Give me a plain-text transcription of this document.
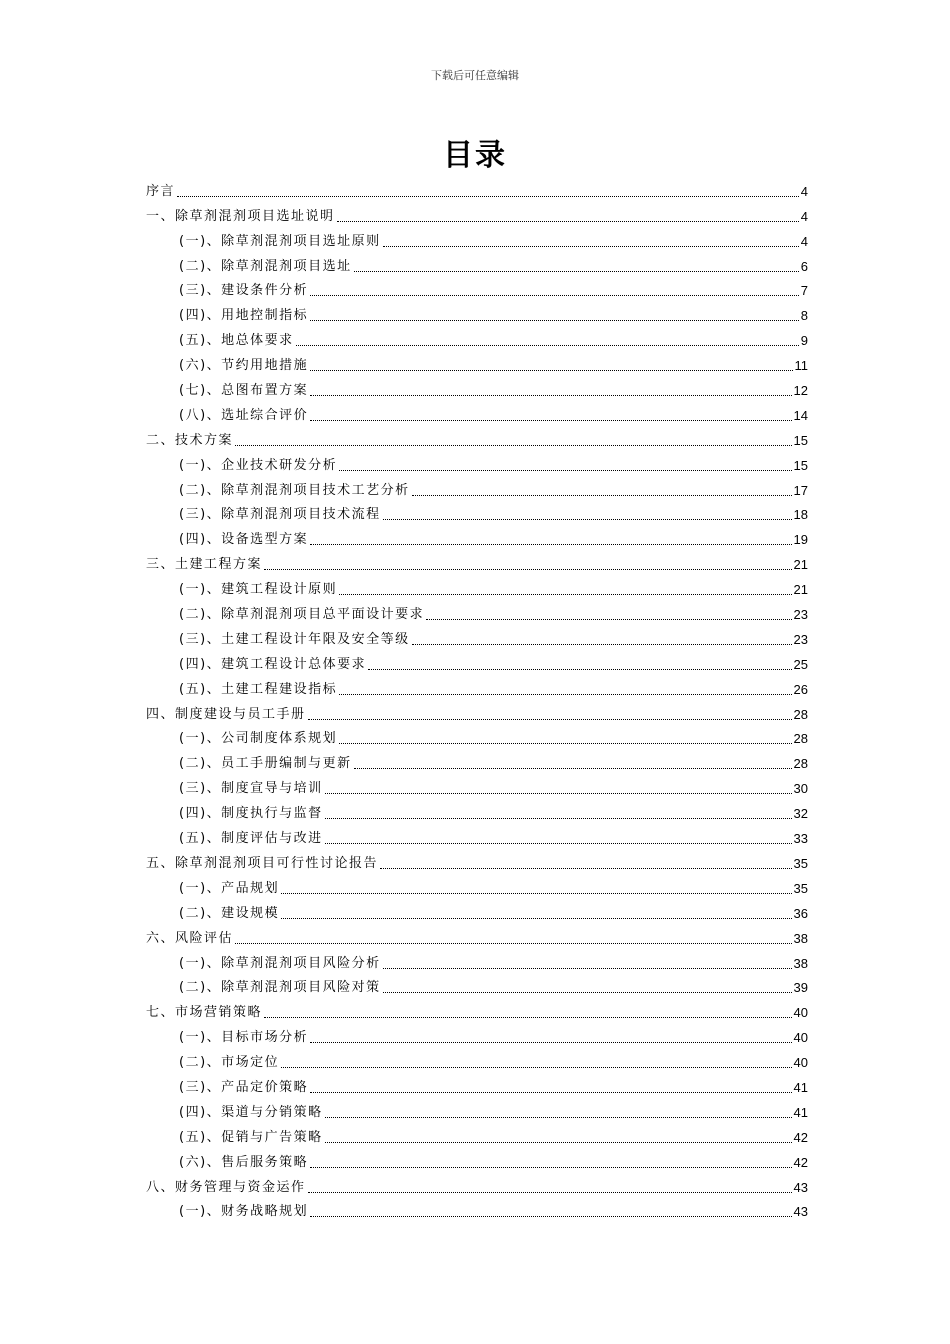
下载后可任意编辑
目录
序言	4
一、除草剂混剂项目选址说明	4
(一)、除草剂混剂项目选址原则	4
(二)、除草剂混剂项目选址	6
(三)、建设条件分析	7
(四)、用地控制指标	8
(五)、地总体要求	9
(六)、节约用地措施	11
(七)、总图布置方案	12
(八)、选址综合评价	14
二、技术方案	15
(一)、企业技术研发分析	15
(二)、除草剂混剂项目技术工艺分析	17
(三)、除草剂混剂项目技术流程	18
(四)、设备选型方案	19
三、土建工程方案	21
(一)、建筑工程设计原则	21
(二)、除草剂混剂项目总平面设计要求	23
(三)、土建工程设计年限及安全等级	23
(四)、建筑工程设计总体要求	25
(五)、土建工程建设指标	26
四、制度建设与员工手册	28
(一)、公司制度体系规划	28
(二)、员工手册编制与更新	28
(三)、制度宣导与培训	30
(四)、制度执行与监督	32
(五)、制度评估与改进	33
五、除草剂混剂项目可行性讨论报告	35
(一)、产品规划	35
(二)、建设规模	36
六、风险评估	38
(一)、除草剂混剂项目风险分析	38
(二)、除草剂混剂项目风险对策	39
七、市场营销策略	40
(一)、目标市场分析	40
(二)、市场定位	40
(三)、产品定价策略	41
(四)、渠道与分销策略	41
(五)、促销与广告策略	42
(六)、售后服务策略	42
八、财务管理与资金运作	43
(一)、财务战略规划	43
